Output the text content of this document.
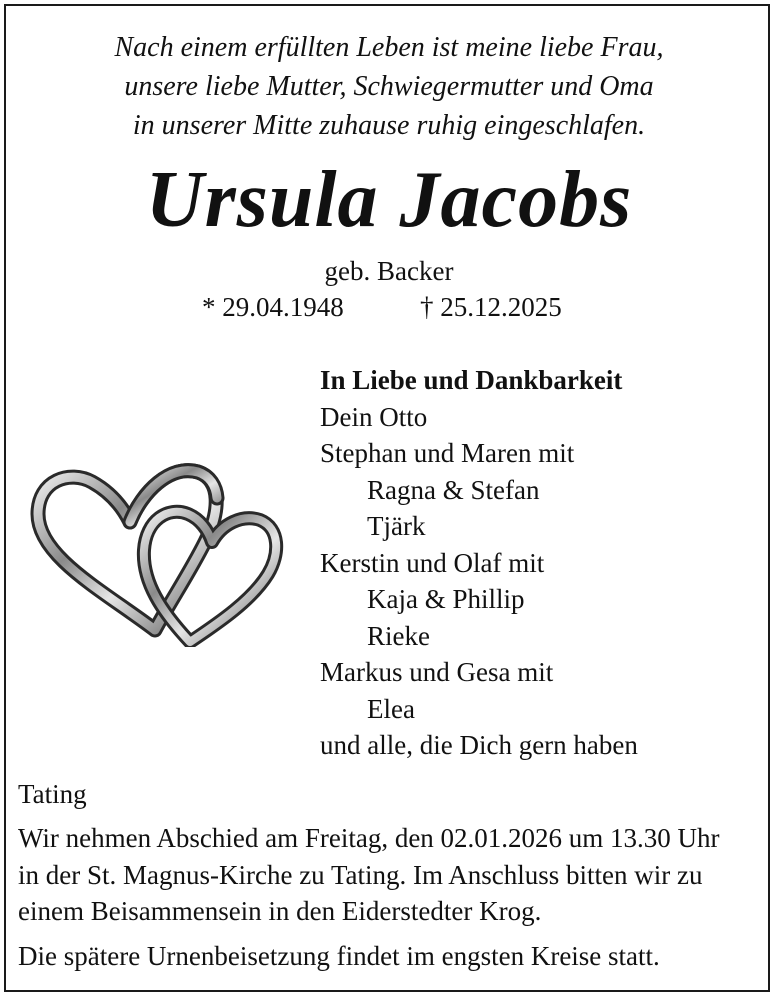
Nach einem erfüllten Leben ist meine liebe Frau,
unsere liebe Mutter, Schwiegermutter und Oma
in unserer Mitte zuhause ruhig eingeschlafen.
Ursula Jacobs
geb. Backer
* 29.04.1948	† 25.12.2025
In Liebe und Dankbarkeit
Dein Otto
Stephan und Maren mit
Ragna & Stefan
Tjärk
Kerstin und Olaf mit
Kaja & Phillip
Rieke
Markus und Gesa mit
Elea
und alle, die Dich gern haben
Tating
Wir nehmen Abschied am Freitag, den 02.01.2026 um 13.30 Uhr
in der St. Magnus-Kirche zu Tating. Im Anschluss bitten wir zu
einem Beisammensein in den Eiderstedter Krog.
Die spätere Urnenbeisetzung findet im engsten Kreise statt.
